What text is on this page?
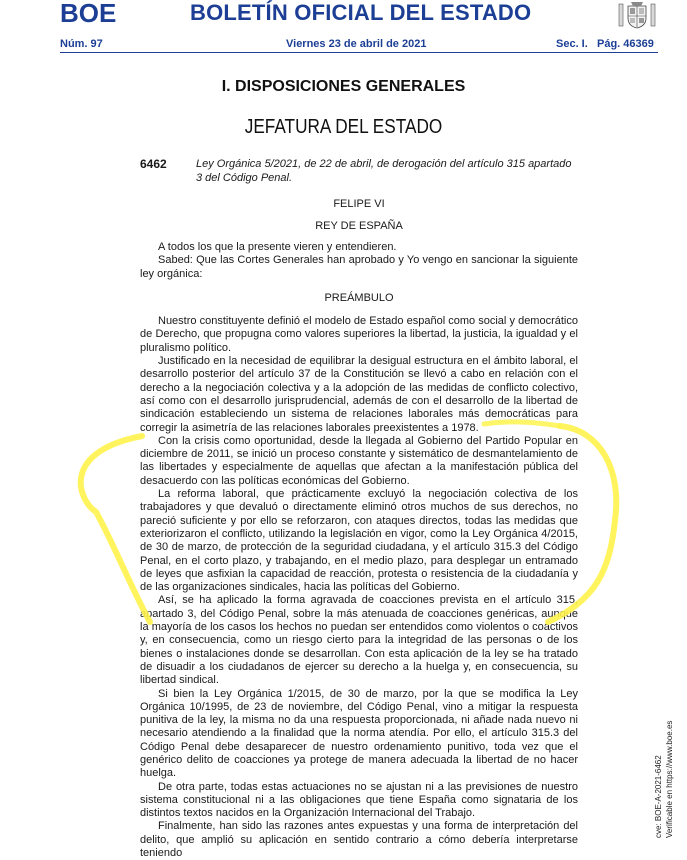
BOE	BOLETÍN OFICIAL DEL ESTADO
Núm. 97	Viernes 23 de abril de 2021	Sec. I. Pág. 46369
I. DISPOSICIONES GENERALES
JEFATURA DEL ESTADO
6462	Ley Orgánica 5/2021, de 22 de abril, de derogación del artículo 315 apartado 3 del Código Penal.
FELIPE VI
REY DE ESPAÑA

A todos los que la presente vieren y entendieren.

Sabed: Que las Cortes Generales han aprobado y Yo vengo en sancionar la siguiente ley orgánica:

PREÁMBULO

Nuestro constituyente definió el modelo de Estado español como social y democrático de Derecho, que propugna como valores superiores la libertad, la justicia, la igualdad y el pluralismo político.

Justificado en la necesidad de equilibrar la desigual estructura en el ámbito laboral, el desarrollo posterior del artículo 37 de la Constitución se llevó a cabo en relación con el derecho a la negociación colectiva y a la adopción de las medidas de conflicto colectivo, así como con el desarrollo jurisprudencial, además de con el desarrollo de la libertad de sindicación estableciendo un sistema de relaciones laborales más democráticas para corregir la asimetría de las relaciones laborales preexistentes a 1978.

Con la crisis como oportunidad, desde la llegada al Gobierno del Partido Popular en diciembre de 2011, se inició un proceso constante y sistemático de desmantelamiento de las libertades y especialmente de aquellas que afectan a la manifestación pública del desacuerdo con las políticas económicas del Gobierno.

La reforma laboral, que prácticamente excluyó la negociación colectiva de los trabajadores y que devaluó o directamente eliminó otros muchos de sus derechos, no pareció suficiente y por ello se reforzaron, con ataques directos, todas las medidas que exteriorizaron el conflicto, utilizando la legislación en vigor, como la Ley Orgánica 4/2015, de 30 de marzo, de protección de la seguridad ciudadana, y el artículo 315.3 del Código Penal, en el corto plazo, y trabajando, en el medio plazo, para desplegar un entramado de leyes que asfixian la capacidad de reacción, protesta o resistencia de la ciudadanía y de las organizaciones sindicales, hacia las políticas del Gobierno.

Así, se ha aplicado la forma agravada de coacciones prevista en el artículo 315, apartado 3, del Código Penal, sobre la más atenuada de coacciones genéricas, aunque la mayoría de los casos los hechos no puedan ser entendidos como violentos o coactivos y, en consecuencia, como un riesgo cierto para la integridad de las personas o de los bienes o instalaciones donde se desarrollan. Con esta aplicación de la ley se ha tratado de disuadir a los ciudadanos de ejercer su derecho a la huelga y, en consecuencia, su libertad sindical.

Si bien la Ley Orgánica 1/2015, de 30 de marzo, por la que se modifica la Ley Orgánica 10/1995, de 23 de noviembre, del Código Penal, vino a mitigar la respuesta punitiva de la ley, la misma no da una respuesta proporcionada, ni añade nada nuevo ni necesario atendiendo a la finalidad que la norma atendía. Por ello, el artículo 315.3 del Código Penal debe desaparecer de nuestro ordenamiento punitivo, toda vez que el genérico delito de coacciones ya protege de manera adecuada la libertad de no hacer huelga.

De otra parte, todas estas actuaciones no se ajustan ni a las previsiones de nuestro sistema constitucional ni a las obligaciones que tiene España como signataria de los distintos textos nacidos en la Organización Internacional del Trabajo.

Finalmente, han sido las razones antes expuestas y una forma de interpretación del delito, que amplió su aplicación en sentido contrario a cómo debería interpretarse teniendo

cve: BOE-A-2021-6462 Verificable en https://www.boe.es
